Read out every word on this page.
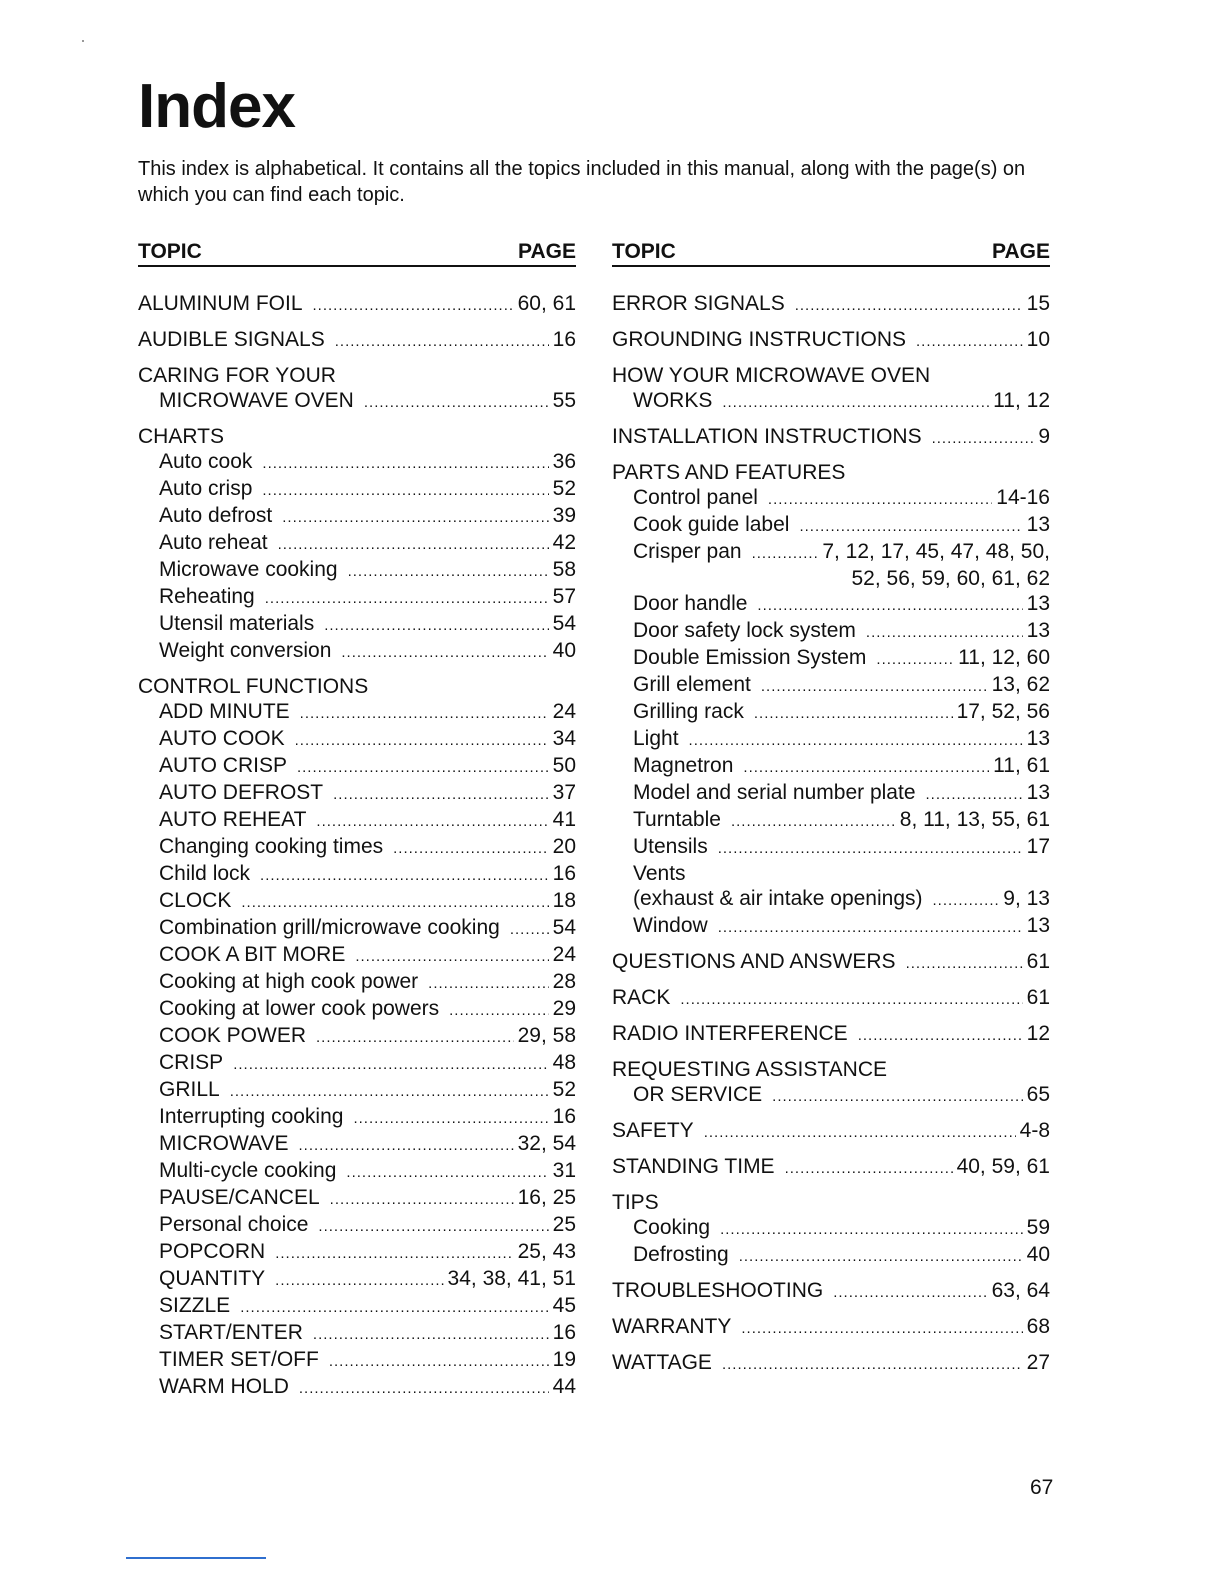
Index

This index is alphabetical. It contains all the topics included in this manual, along with the page(s) on which you can find each topic.

TOPIC	PAGE
ALUMINUM FOIL .....	60, 61
AUDIBLE SIGNALS .....	16
CARING FOR YOUR
MICROWAVE OVEN .....	55
CHARTS
Auto cook .....	36
Auto crisp .....	52
Auto defrost .....	39
Auto reheat .....	42
Microwave cooking .....	58
Reheating .....	57
Utensil materials .....	54
Weight conversion .....	40
CONTROL FUNCTIONS
ADD MINUTE .....	24
AUTO COOK .....	34
AUTO CRISP .....	50
AUTO DEFROST .....	37
AUTO REHEAT .....	41
Changing cooking times .....	20
Child lock .....	16
CLOCK .....	18
Combination grill/microwave cooking .....	54
COOK A BIT MORE .....	24
Cooking at high cook power .....	28
Cooking at lower cook powers .....	29
COOK POWER .....	29, 58
CRISP .....	48
GRILL .....	52
Interrupting cooking .....	16
MICROWAVE .....	32, 54
Multi-cycle cooking .....	31
PAUSE/CANCEL .....	16, 25
Personal choice .....	25
POPCORN .....	25, 43
QUANTITY .....	34, 38, 41, 51
SIZZLE .....	45
START/ENTER .....	16
TIMER SET/OFF .....	19
WARM HOLD .....	44
TOPIC	PAGE
ERROR SIGNALS .....	15
GROUNDING INSTRUCTIONS .....	10
HOW YOUR MICROWAVE OVEN
WORKS .....	11, 12
INSTALLATION INSTRUCTIONS .....	9
PARTS AND FEATURES
Control panel .....	14-16
Cook guide label .....	13
Crisper pan .....	7, 12, 17, 45, 47, 48, 50,
52, 56, 59, 60, 61, 62
Door handle .....	13
Door safety lock system .....	13
Double Emission System .....	11, 12, 60
Grill element .....	13, 62
Grilling rack .....	17, 52, 56
Light .....	13
Magnetron .....	11, 61
Model and serial number plate .....	13
Turntable .....	8, 11, 13, 55, 61
Utensils .....	17
Vents
(exhaust & air intake openings) .....	9, 13
Window .....	13
QUESTIONS AND ANSWERS .....	61
RACK .....	61
RADIO INTERFERENCE .....	12
REQUESTING ASSISTANCE
OR SERVICE .....	65
SAFETY .....	4-8
STANDING TIME .....	40, 59, 61
TIPS
Cooking .....	59
Defrosting .....	40
TROUBLESHOOTING .....	63, 64
WARRANTY .....	68
WATTAGE .....	27
67
